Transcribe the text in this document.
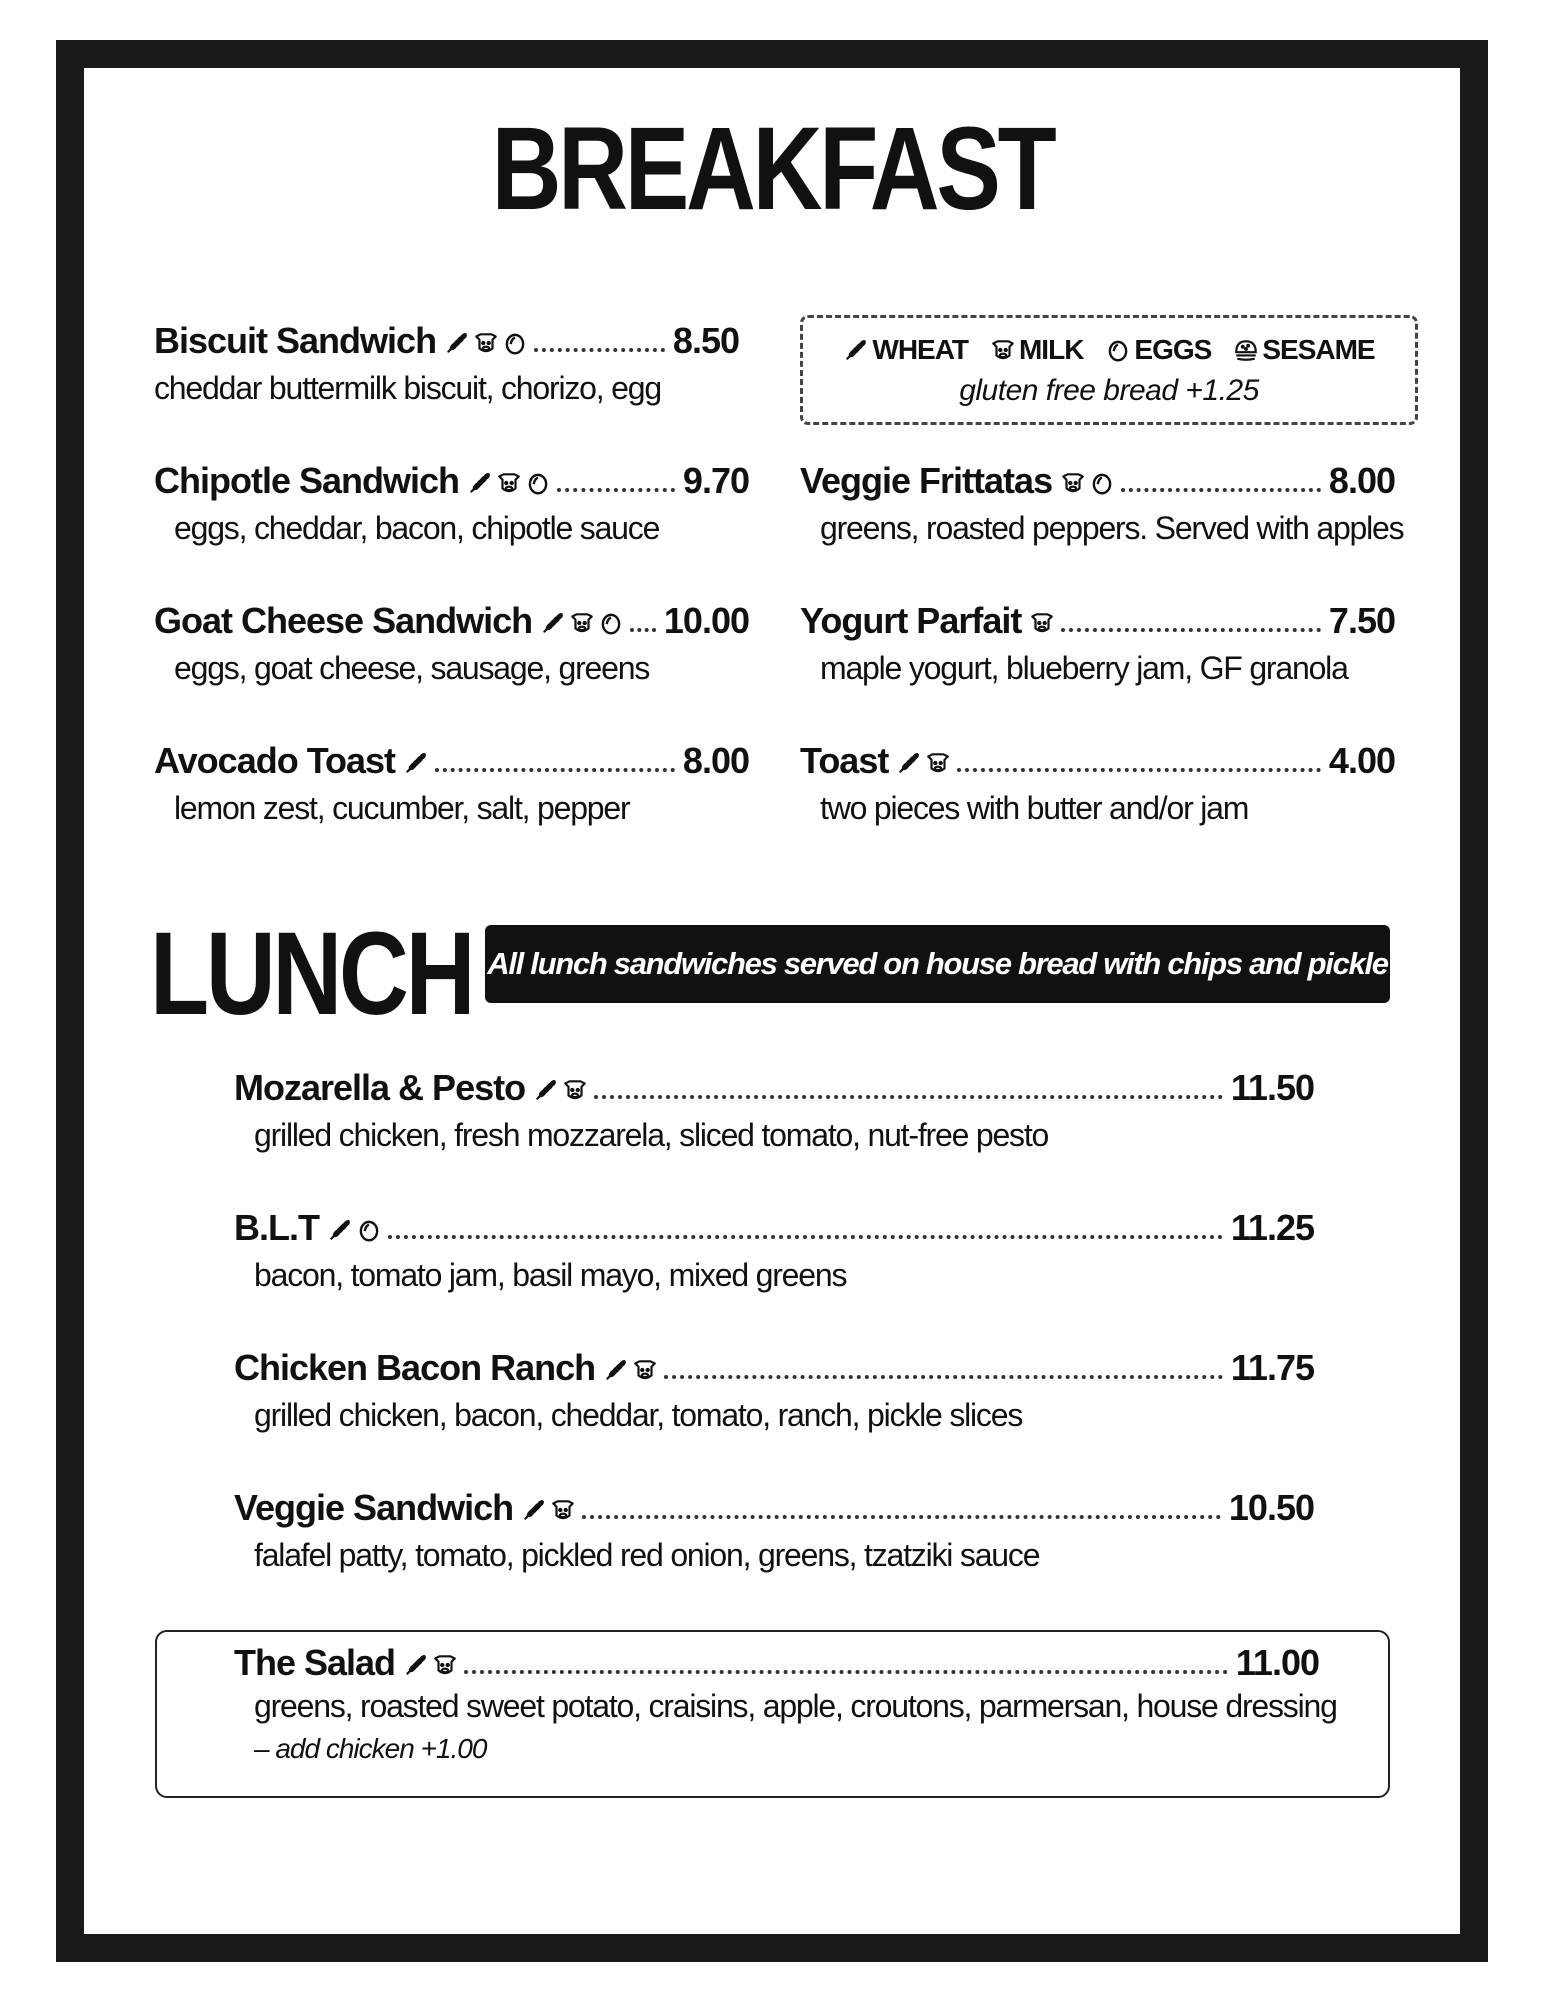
BREAKFAST
Biscuit Sandwich	8.50
cheddar buttermilk biscuit, chorizo, egg
Chipotle Sandwich	9.70
eggs, cheddar, bacon, chipotle sauce
Goat Cheese Sandwich	10.00
eggs, goat cheese, sausage, greens
Avocado Toast	8.00
lemon zest, cucumber, salt, pepper
WHEAT MILK EGGS SESAME
gluten free bread +1.25
Veggie Frittatas	8.00
greens, roasted peppers. Served with apples
Yogurt Parfait	7.50
maple yogurt, blueberry jam, GF granola
Toast	4.00
two pieces with butter and/or jam
LUNCH All lunch sandwiches served on house bread with chips and pickle
Mozarella & Pesto	11.50
grilled chicken, fresh mozzarela, sliced tomato, nut-free pesto
B.L.T	11.25
bacon, tomato jam, basil mayo, mixed greens
Chicken Bacon Ranch	11.75
grilled chicken, bacon, cheddar, tomato, ranch, pickle slices
Veggie Sandwich	10.50
falafel patty, tomato, pickled red onion, greens, tzatziki sauce
The Salad	11.00
greens, roasted sweet potato, craisins, apple, croutons, parmersan, house dressing
– add chicken +1.00
